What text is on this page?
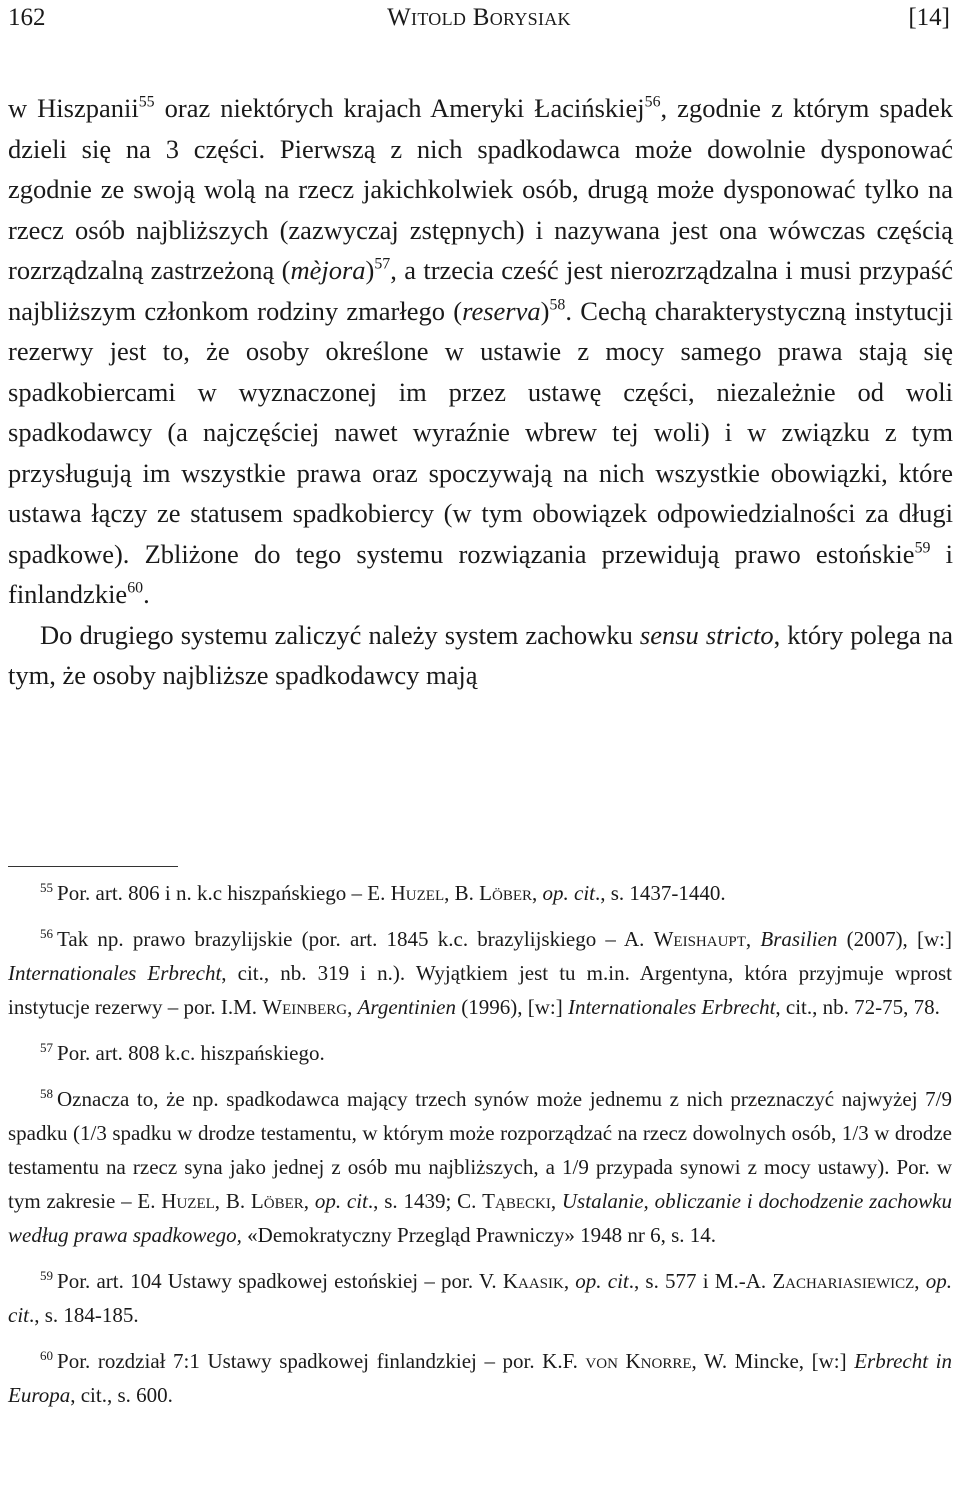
162	Witold Borysiak	[14]

w Hiszpanii$^{55}$ oraz niektórych krajach Ameryki Łacińskiej$^{56}$, zgodnie z którym spadek dzieli się na 3 części. Pierwszą z nich spadkodawca może dowolnie dysponować zgodnie ze swoją wolą na rzecz jakichkolwiek osób, drugą może dysponować tylko na rzecz osób najbliższych (zazwyczaj zstępnych) i nazywana jest ona wówczas częścią rozrządzalną zastrzeżoną (mèjora)$^{57}$, a trzecia cześć jest nierozrządzalna i musi przypaść najbliższym członkom rodziny zmarłego (reserva)$^{58}$. Cechą charakterystyczną instytucji rezerwy jest to, że osoby określone w ustawie z mocy samego prawa stają się spadkobiercami w wyznaczonej im przez ustawę części, niezależnie od woli spadkodawcy (a najczęściej nawet wyraźnie wbrew tej woli) i w związku z tym przysługują im wszystkie prawa oraz spoczywają na nich wszystkie obowiązki, które ustawa łączy ze statusem spadkobiercy (w tym obowiązek odpowiedzialności za długi spadkowe). Zbliżone do tego systemu rozwiązania przewidują prawo estońskie$^{59}$ i finlandzkie$^{60}$.

Do drugiego systemu zaliczyć należy system zachowku sensu stricto, który polega na tym, że osoby najbliższe spadkodawcy mają

$^{55}$ Por. art. 806 i n. k.c hiszpańskiego – E. Huzel, B. Löber, op. cit., s. 1437-1440.

$^{56}$ Tak np. prawo brazylijskie (por. art. 1845 k.c. brazylijskiego – A. Weishaupt, Brasilien (2007), [w:] Internationales Erbrecht, cit., nb. 319 i n.). Wyjątkiem jest tu m.in. Argentyna, która przyjmuje wprost instytucje rezerwy – por. I.M. Weinberg, Argentinien (1996), [w:] Internationales Erbrecht, cit., nb. 72-75, 78.

$^{57}$ Por. art. 808 k.c. hiszpańskiego.

$^{58}$ Oznacza to, że np. spadkodawca mający trzech synów może jednemu z nich przeznaczyć najwyżej 7/9 spadku (1/3 spadku w drodze testamentu, w którym może rozporządzać na rzecz dowolnych osób, 1/3 w drodze testamentu na rzecz syna jako jednej z osób mu najbliższych, a 1/9 przypada synowi z mocy ustawy). Por. w tym zakresie – E. Huzel, B. Löber, op. cit., s. 1439; C. Tąbecki, Ustalanie, obliczanie i dochodzenie zachowku według prawa spadkowego, «Demokratyczny Przegląd Prawniczy» 1948 nr 6, s. 14.

$^{59}$ Por. art. 104 Ustawy spadkowej estońskiej – por. V. Kaasik, op. cit., s. 577 i M.-A. Zachariasiewicz, op. cit., s. 184-185.

$^{60}$ Por. rozdział 7:1 Ustawy spadkowej finlandzkiej – por. K.F. von Knorre, W. Mincke, [w:] Erbrecht in Europa, cit., s. 600.
